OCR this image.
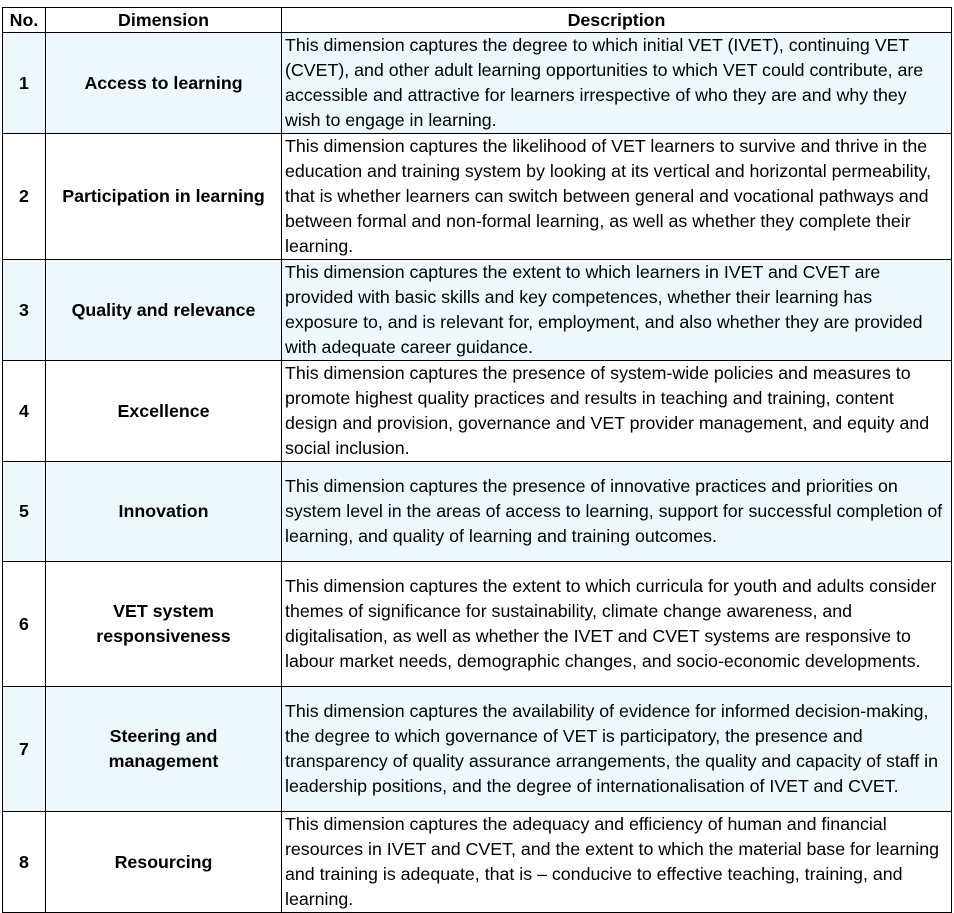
No.	Dimension	Description
1	Access to learning	This dimension captures the degree to which initial VET (IVET), continuing VET (CVET), and other adult learning opportunities to which VET could contribute, are accessible and attractive for learners irrespective of who they are and why they wish to engage in learning.
2	Participation in learning	This dimension captures the likelihood of VET learners to survive and thrive in the education and training system by looking at its vertical and horizontal permeability, that is whether learners can switch between general and vocational pathways and between formal and non-formal learning, as well as whether they complete their learning.
3	Quality and relevance	This dimension captures the extent to which learners in IVET and CVET are provided with basic skills and key competences, whether their learning has exposure to, and is relevant for, employment, and also whether they are provided with adequate career guidance.
4	Excellence	This dimension captures the presence of system-wide policies and measures to promote highest quality practices and results in teaching and training, content design and provision, governance and VET provider management, and equity and social inclusion.
5	Innovation	This dimension captures the presence of innovative practices and priorities on system level in the areas of access to learning, support for successful completion of learning, and quality of learning and training outcomes.
6	VET system responsiveness	This dimension captures the extent to which curricula for youth and adults consider themes of significance for sustainability, climate change awareness, and digitalisation, as well as whether the IVET and CVET systems are responsive to labour market needs, demographic changes, and socio-economic developments.
7	Steering and management	This dimension captures the availability of evidence for informed decision-making, the degree to which governance of VET is participatory, the presence and transparency of quality assurance arrangements, the quality and capacity of staff in leadership positions, and the degree of internationalisation of IVET and CVET.
8	Resourcing	This dimension captures the adequacy and efficiency of human and financial resources in IVET and CVET, and the extent to which the material base for learning and training is adequate, that is – conducive to effective teaching, training, and learning.
